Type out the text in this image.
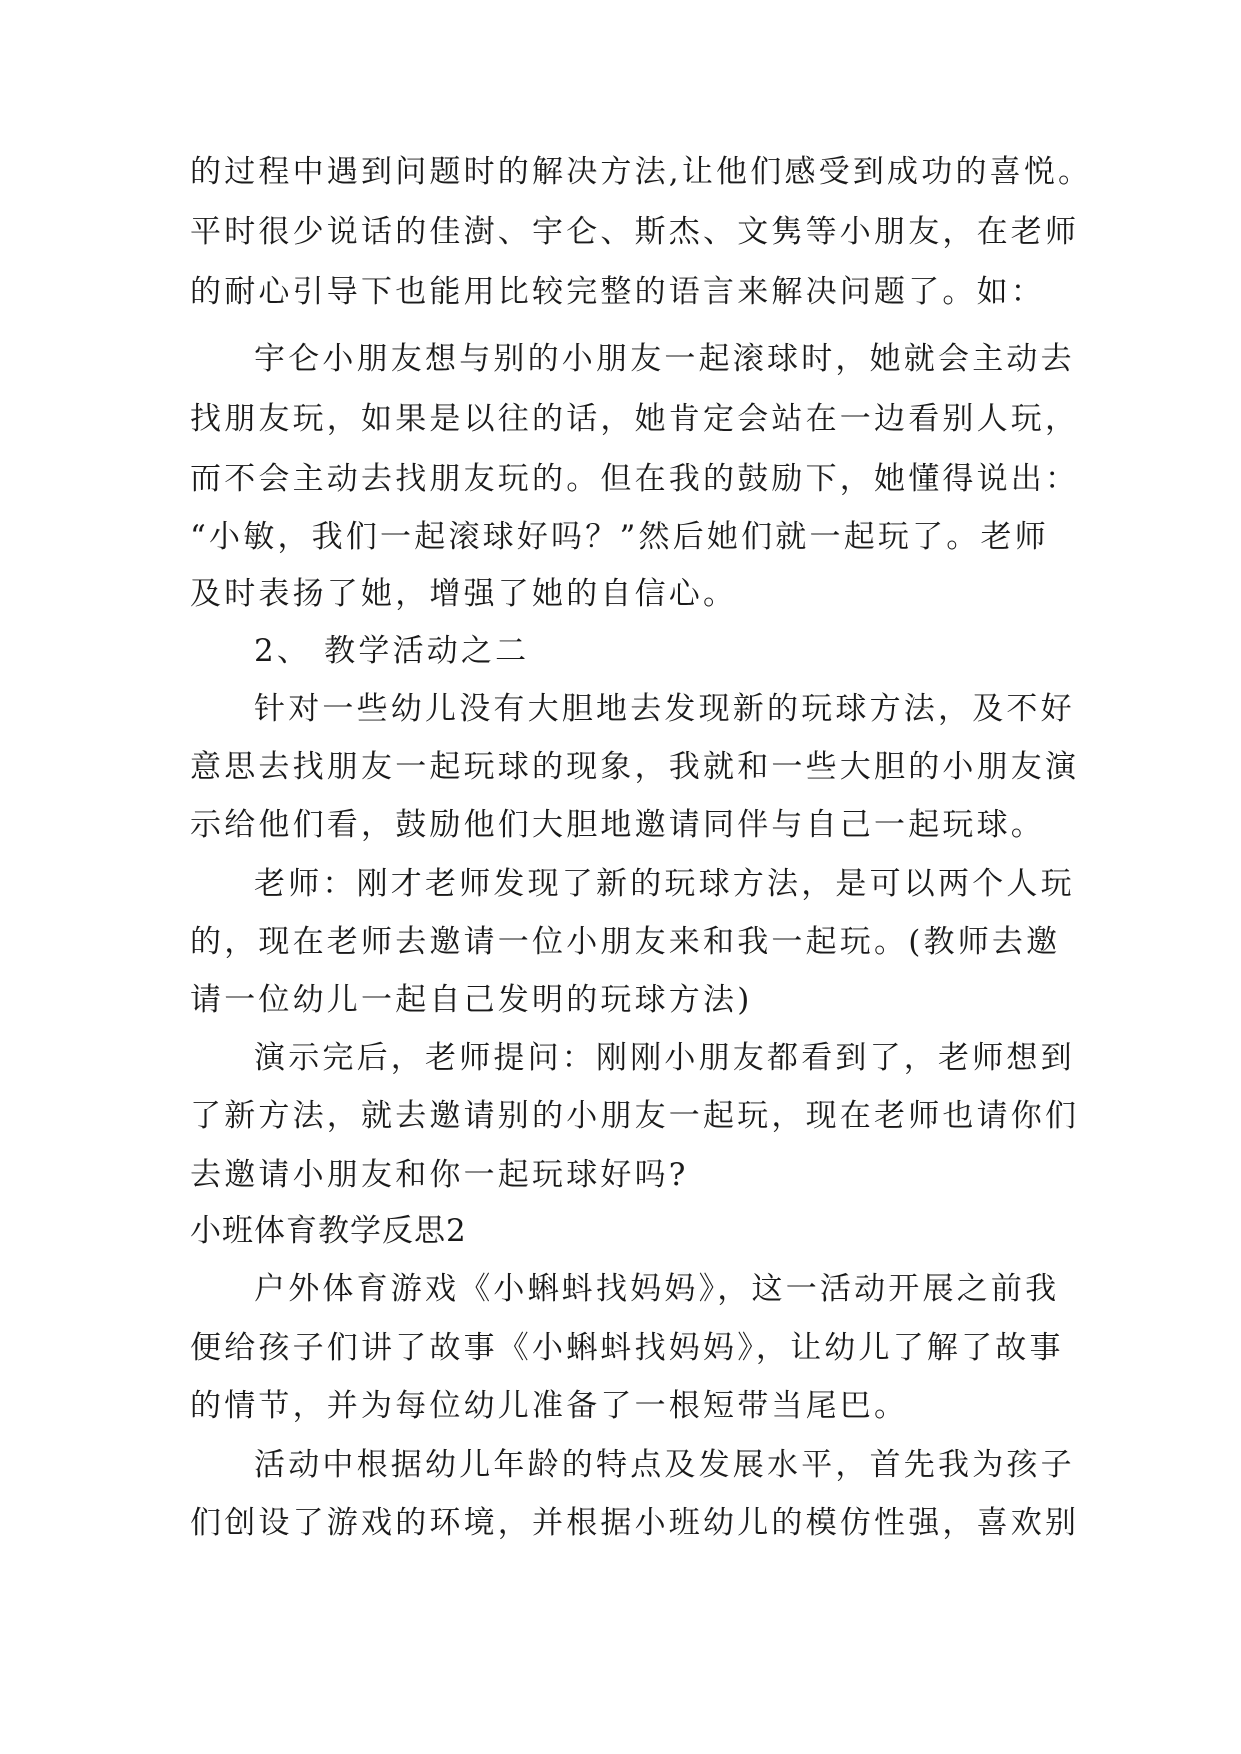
的过程中遇到问题时的解决方法,让他们感受到成功的喜悦。
平时很少说话的佳澍、宇仑、斯杰、文隽等小朋友，在老师
的耐心引导下也能用比较完整的语言来解决问题了。如：
宇仑小朋友想与别的小朋友一起滚球时，她就会主动去
找朋友玩，如果是以往的话，她肯定会站在一边看别人玩，
而不会主动去找朋友玩的。但在我的鼓励下，她懂得说出：
“小敏，我们一起滚球好吗？”然后她们就一起玩了。老师
及时表扬了她，增强了她的自信心。
2、 教学活动之二
针对一些幼儿没有大胆地去发现新的玩球方法，及不好
意思去找朋友一起玩球的现象，我就和一些大胆的小朋友演
示给他们看，鼓励他们大胆地邀请同伴与自己一起玩球。
老师：刚才老师发现了新的玩球方法，是可以两个人玩
的，现在老师去邀请一位小朋友来和我一起玩。(教师去邀
请一位幼儿一起自己发明的玩球方法)
演示完后，老师提问：刚刚小朋友都看到了，老师想到
了新方法，就去邀请别的小朋友一起玩，现在老师也请你们
去邀请小朋友和你一起玩球好吗?
小班体育教学反思2
户外体育游戏《小蝌蚪找妈妈》，这一活动开展之前我
便给孩子们讲了故事《小蝌蚪找妈妈》，让幼儿了解了故事
的情节，并为每位幼儿准备了一根短带当尾巴。
活动中根据幼儿年龄的特点及发展水平，首先我为孩子
们创设了游戏的环境，并根据小班幼儿的模仿性强，喜欢别
